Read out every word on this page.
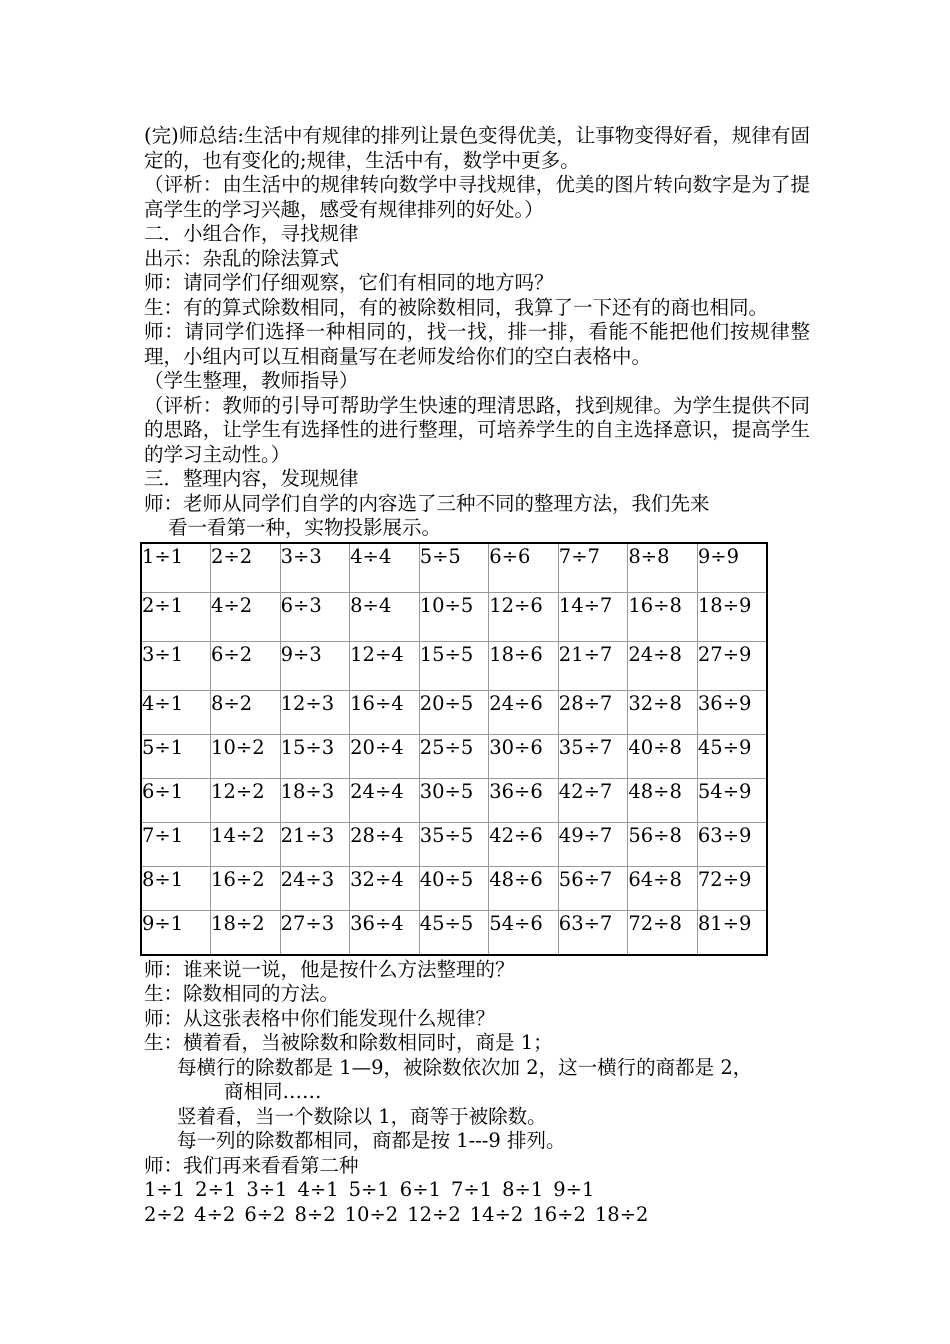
(完)师总结:生活中有规律的排列让景色变得优美，让事物变得好看，规律有固定的，也有变化的;规律，生活中有，数学中更多。

（评析：由生活中的规律转向数学中寻找规律，优美的图片转向数字是为了提高学生的学习兴趣，感受有规律排列的好处。）

二．小组合作，寻找规律

出示：杂乱的除法算式

师：请同学们仔细观察，它们有相同的地方吗？

生：有的算式除数相同，有的被除数相同，我算了一下还有的商也相同。

师：请同学们选择一种相同的，找一找，排一排，看能不能把他们按规律整理，小组内可以互相商量写在老师发给你们的空白表格中。

（学生整理，教师指导）

（评析：教师的引导可帮助学生快速的理清思路，找到规律。为学生提供不同的思路，让学生有选择性的进行整理，可培养学生的自主选择意识，提高学生的学习主动性。）

三．整理内容，发现规律

师：老师从同学们自学的内容选了三种不同的整理方法，我们先来

看一看第一种，实物投影展示。

1÷1	2÷2	3÷3	4÷4	5÷5	6÷6	7÷7	8÷8	9÷9
2÷1	4÷2	6÷3	8÷4	10÷5	12÷6	14÷7	16÷8	18÷9
3÷1	6÷2	9÷3	12÷4	15÷5	18÷6	21÷7	24÷8	27÷9
4÷1	8÷2	12÷3	16÷4	20÷5	24÷6	28÷7	32÷8	36÷9
5÷1	10÷2	15÷3	20÷4	25÷5	30÷6	35÷7	40÷8	45÷9
6÷1	12÷2	18÷3	24÷4	30÷5	36÷6	42÷7	48÷8	54÷9
7÷1	14÷2	21÷3	28÷4	35÷5	42÷6	49÷7	56÷8	63÷9
8÷1	16÷2	24÷3	32÷4	40÷5	48÷6	56÷7	64÷8	72÷9
9÷1	18÷2	27÷3	36÷4	45÷5	54÷6	63÷7	72÷8	81÷9

师：谁来说一说，他是按什么方法整理的？

生：除数相同的方法。

师：从这张表格中你们能发现什么规律？

生：横着看，当被除数和除数相同时，商是 1；

每横行的除数都是 1—9，被除数依次加 2，这一横行的商都是 2，

商相同……

竖着看，当一个数除以 1，商等于被除数。

每一列的除数都相同，商都是按 1---9 排列。

师：我们再来看看第二种

1÷1 2÷1 3÷1 4÷1 5÷1 6÷1 7÷1 8÷1 9÷1
2÷2 4÷2 6÷2 8÷2 10÷2 12÷2 14÷2 16÷2 18÷2
